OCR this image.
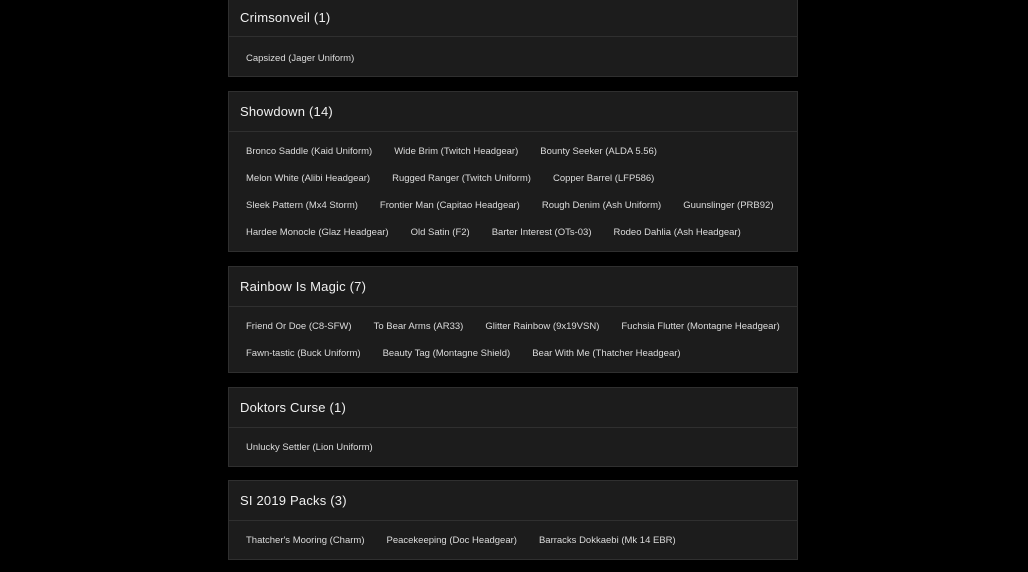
Crimsonveil (1)
Capsized (Jager Uniform)
Showdown (14)
Bronco Saddle (Kaid Uniform)	Wide Brim (Twitch Headgear)	Bounty Seeker (ALDA 5.56)
Melon White (Alibi Headgear)	Rugged Ranger (Twitch Uniform)	Copper Barrel (LFP586)
Sleek Pattern (Mx4 Storm)	Frontier Man (Capitao Headgear)	Rough Denim (Ash Uniform)	Guunslinger (PRB92)
Hardee Monocle (Glaz Headgear)	Old Satin (F2)	Barter Interest (OTs-03)	Rodeo Dahlia (Ash Headgear)
Rainbow Is Magic (7)
Friend Or Doe (C8-SFW)	To Bear Arms (AR33)	Glitter Rainbow (9x19VSN)	Fuchsia Flutter (Montagne Headgear)
Fawn-tastic (Buck Uniform)	Beauty Tag (Montagne Shield)	Bear With Me (Thatcher Headgear)
Doktors Curse (1)
Unlucky Settler (Lion Uniform)
SI 2019 Packs (3)
Thatcher's Mooring (Charm)	Peacekeeping (Doc Headgear)	Barracks Dokkaebi (Mk 14 EBR)
